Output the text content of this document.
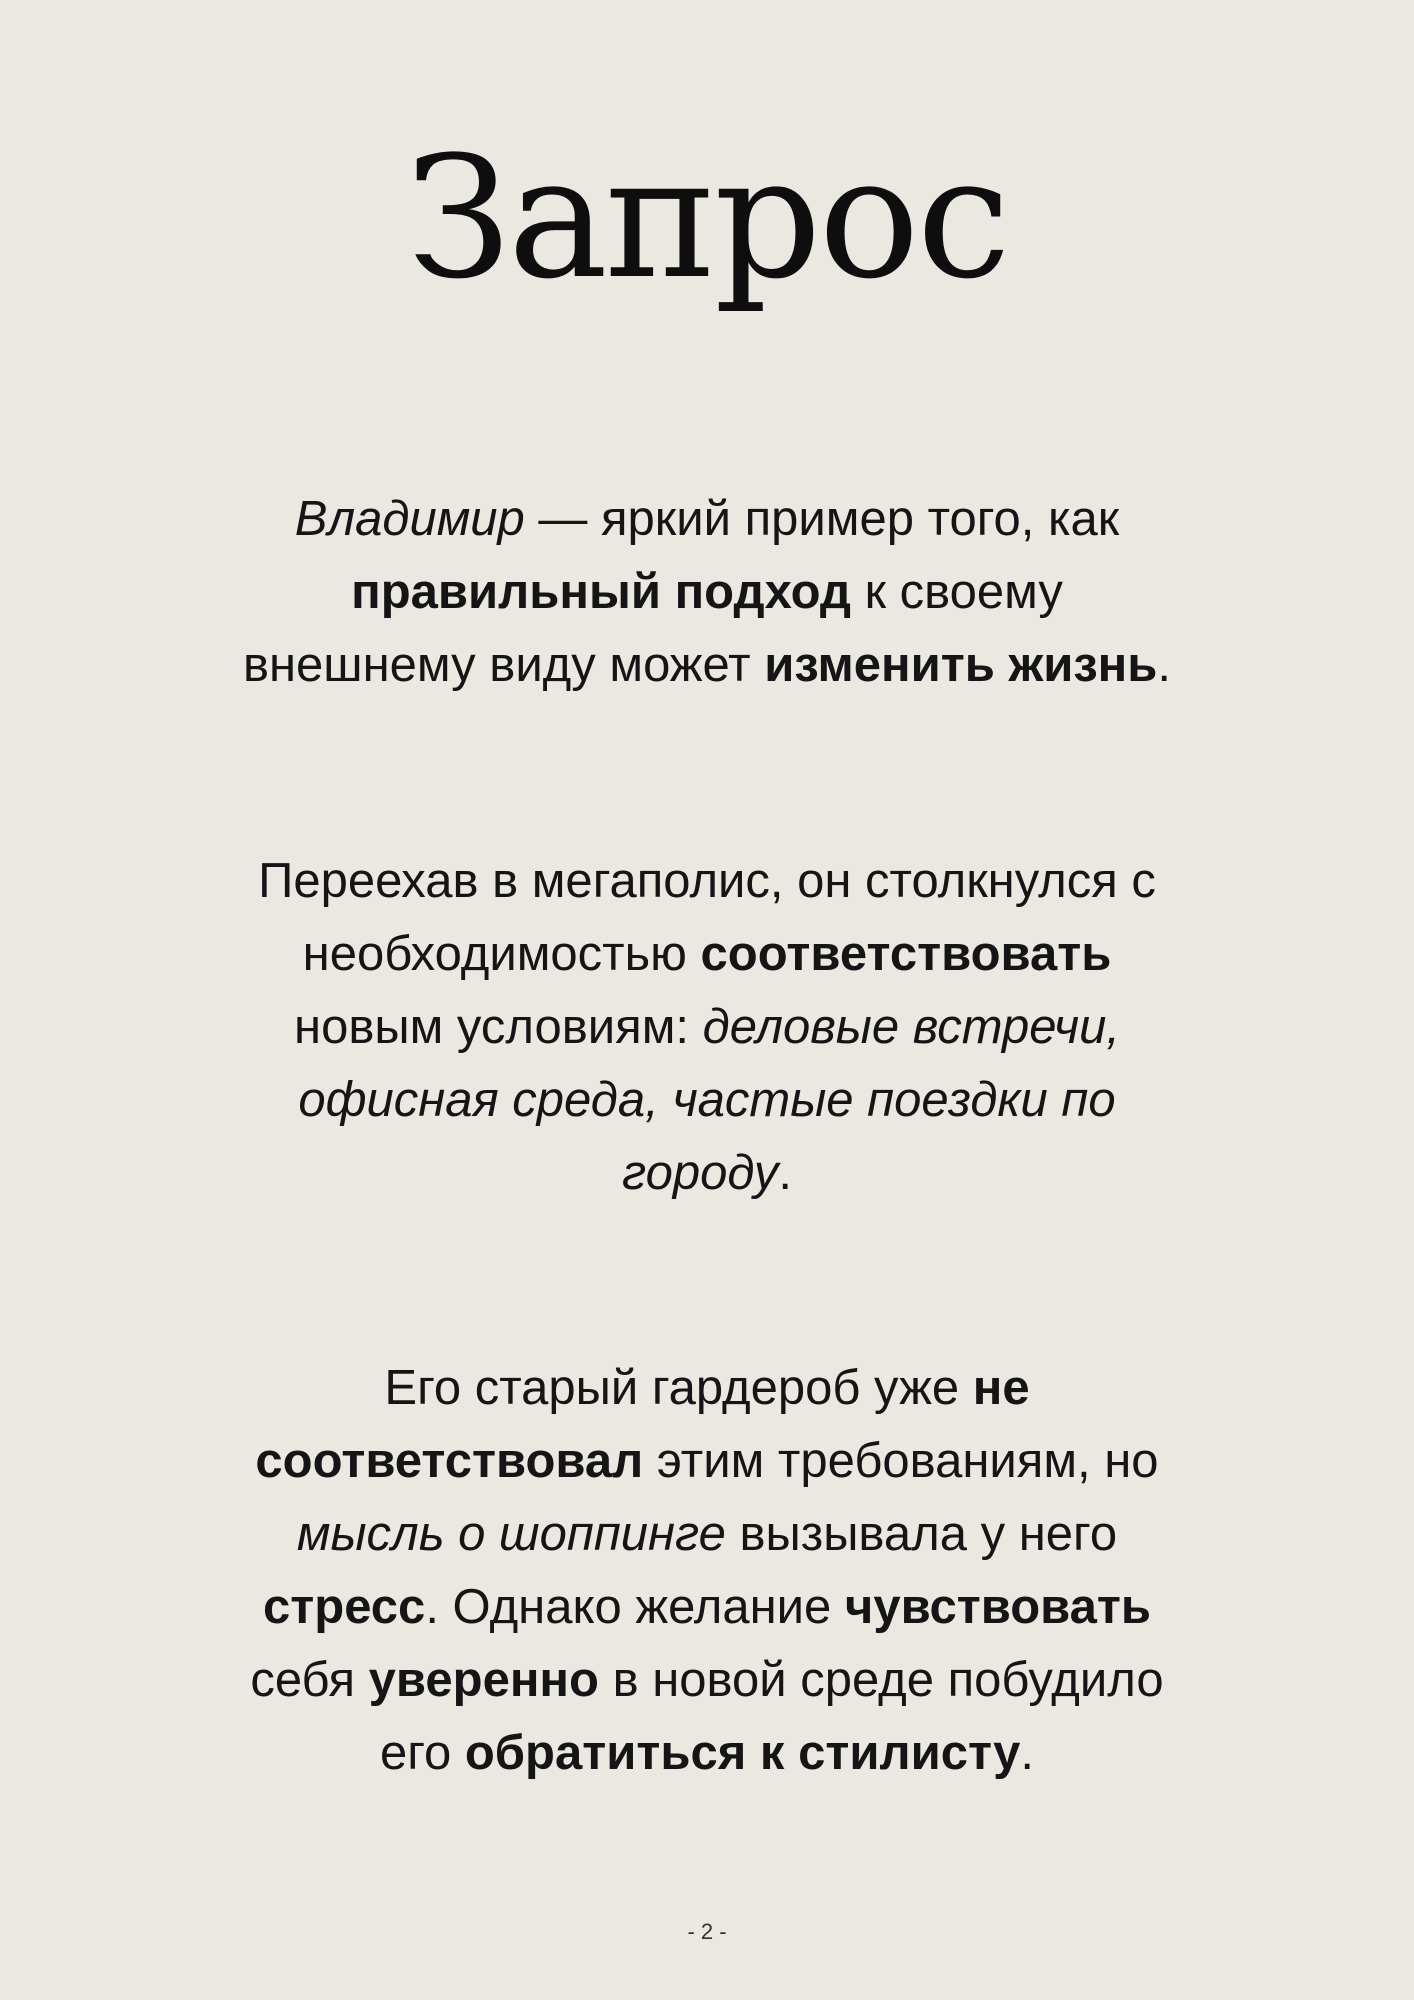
Запрос

Владимир — яркий пример того, как
правильный подход к своему
внешнему виду может изменить жизнь.

Переехав в мегаполис, он столкнулся с
необходимостью соответствовать
новым условиям: деловые встречи,
офисная среда, частые поездки по
городу.

Его старый гардероб уже не
соответствовал этим требованиям, но
мысль о шоппинге вызывала у него
стресс. Однако желание чувствовать
себя уверенно в новой среде побудило
его обратиться к стилисту.

- 2 -
